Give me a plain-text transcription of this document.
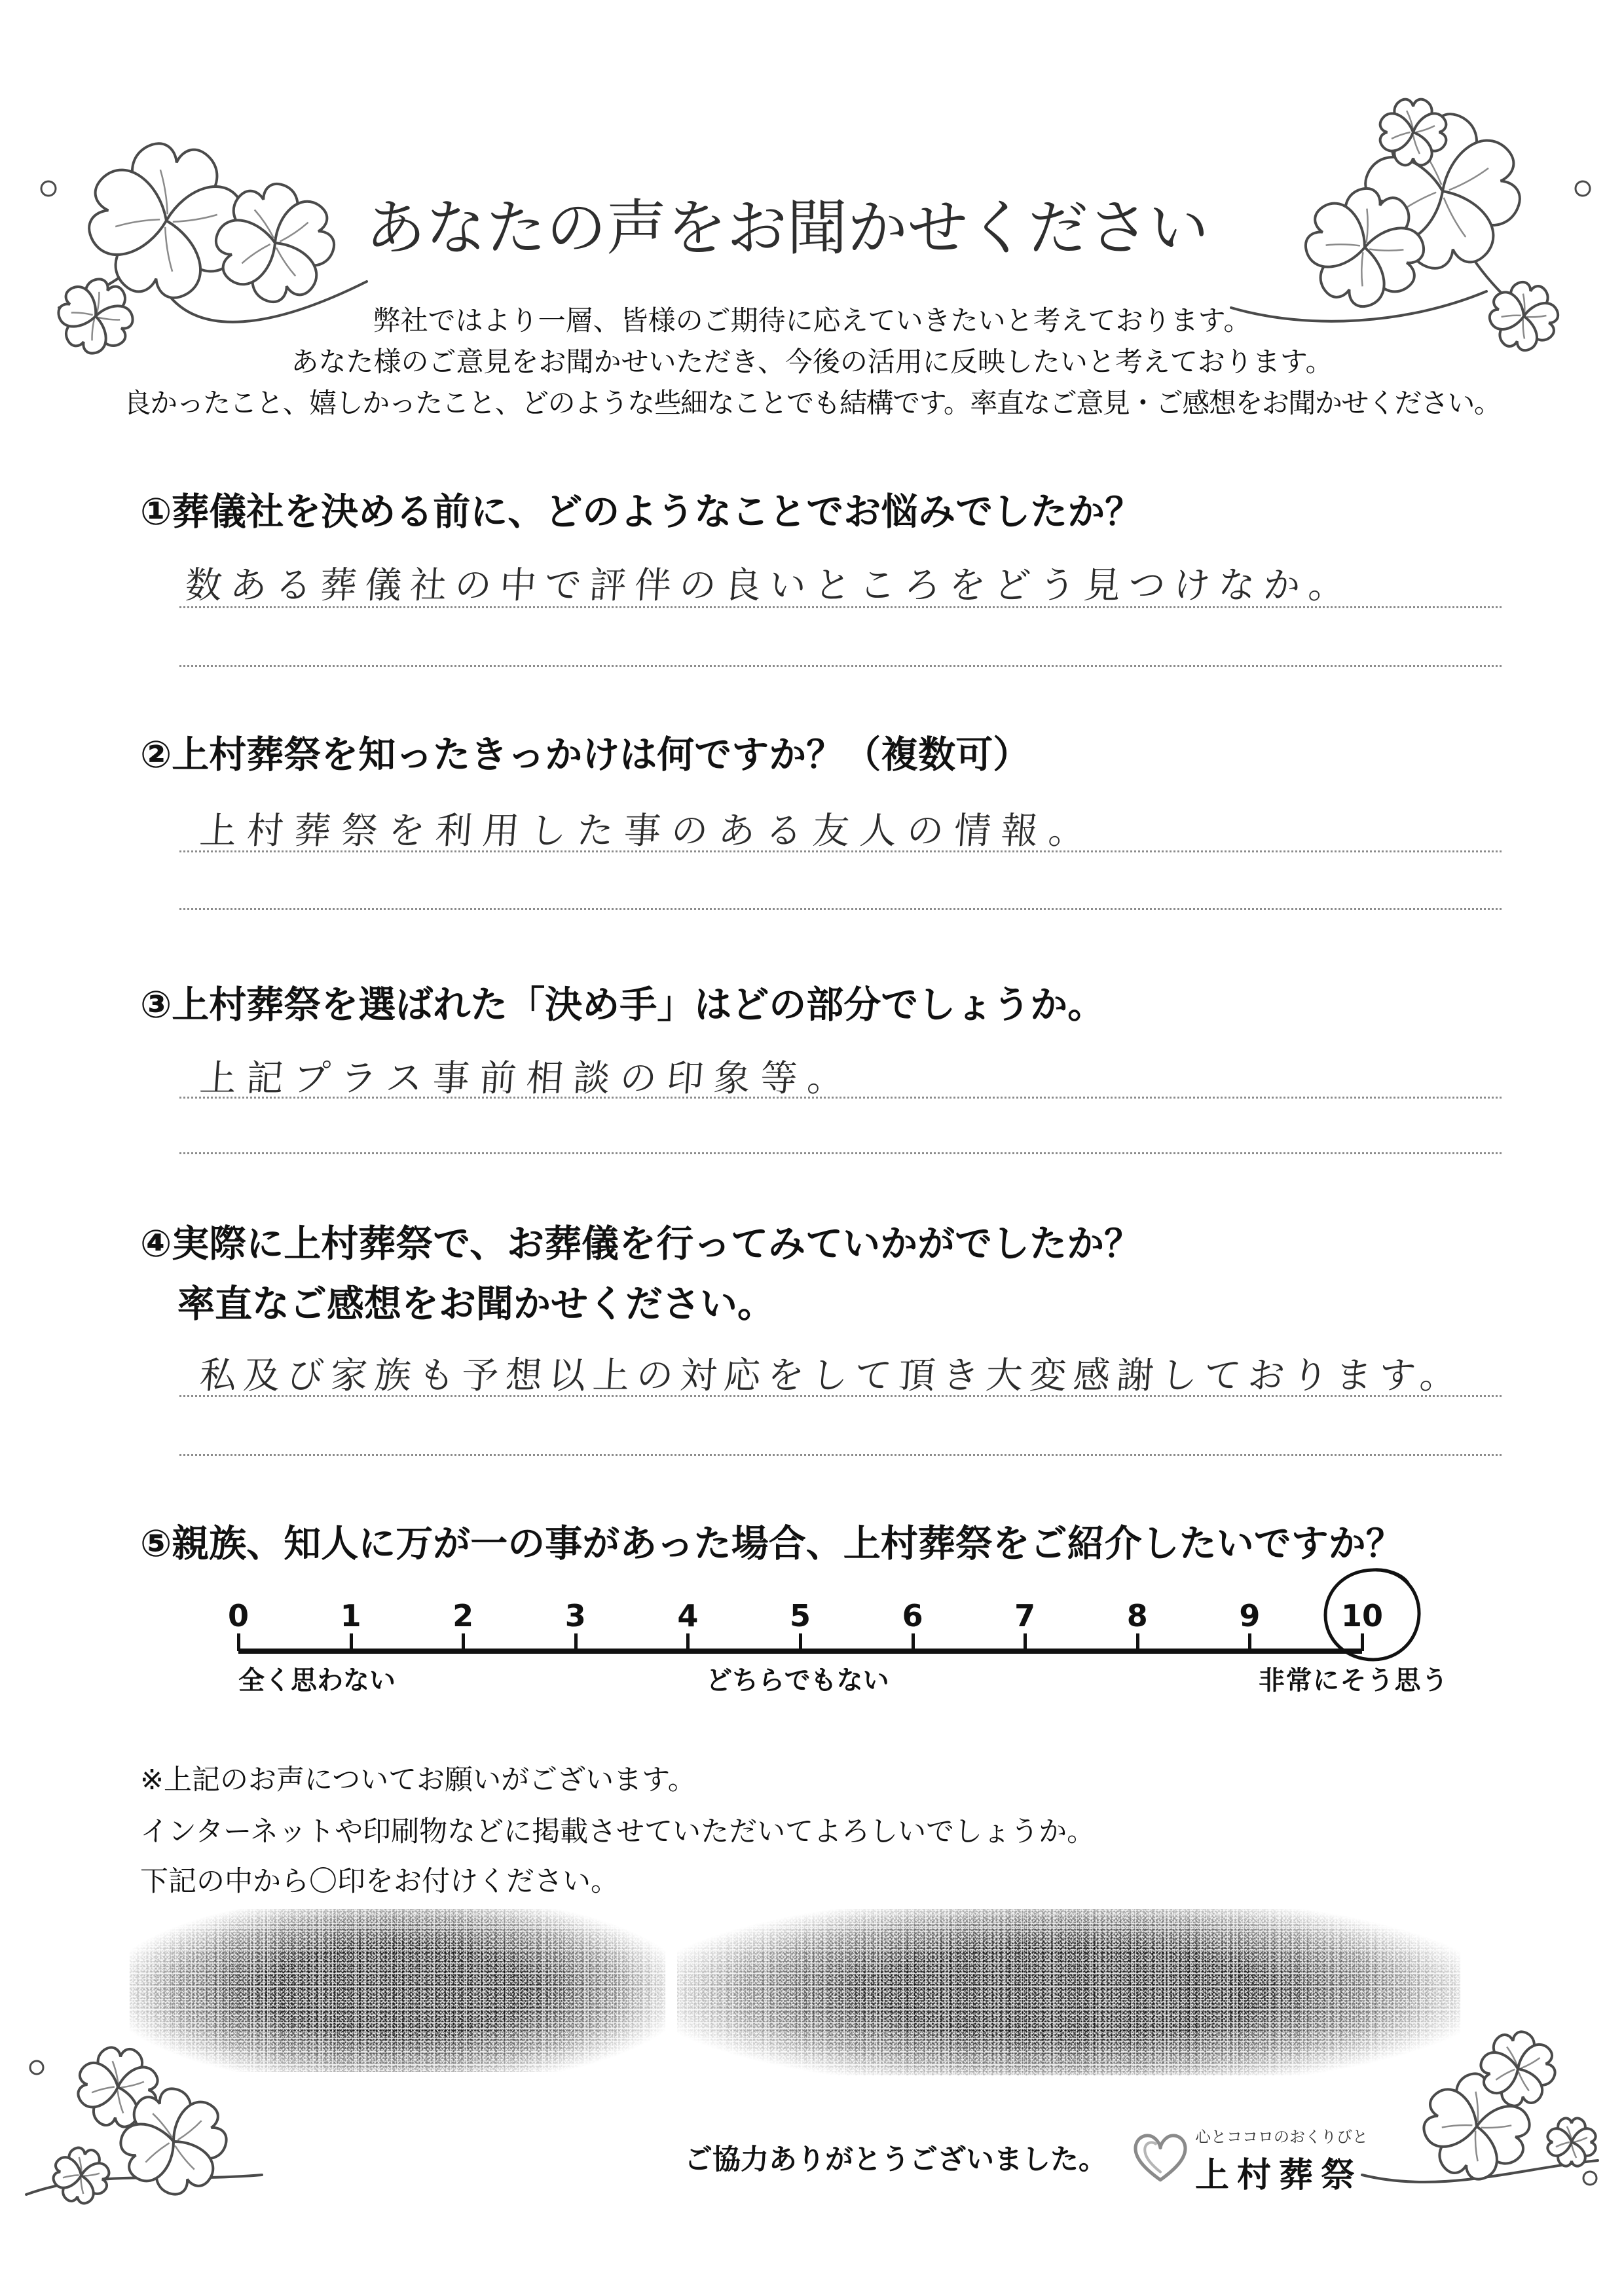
あなたの声をお聞かせください
弊社ではより一層、皆様のご期待に応えていきたいと考えております。
あなた様のご意見をお聞かせいただき、今後の活用に反映したいと考えております。
良かったこと、嬉しかったこと、どのような些細なことでも結構です。率直なご意見・ご感想をお聞かせください。
①葬儀社を決める前に、どのようなことでお悩みでしたか？
数ある葬儀社の中で評伴の良いところをどう見つけなか。
②上村葬祭を知ったきっかけは何ですか？（複数可）
上村葬祭を利用した事のある友人の情報。
③上村葬祭を選ばれた「決め手」はどの部分でしょうか。
上記プラス事前相談の印象等。
④実際に上村葬祭で、お葬儀を行ってみていかがでしたか？
率直なご感想をお聞かせください。
私及び家族も予想以上の対応をして頂き大変感謝しております。
⑤親族、知人に万が一の事があった場合、上村葬祭をご紹介したいですか？
0	1	2	3	4	5	6	7	8	9	10
全く思わない	どちらでもない	非常にそう思う
※上記のお声についてお願いがございます。
インターネットや印刷物などに掲載させていただいてよろしいでしょうか。
下記の中から〇印をお付けください。
ご協力ありがとうございました。
心とココロのおくりびと
上村葬祭
